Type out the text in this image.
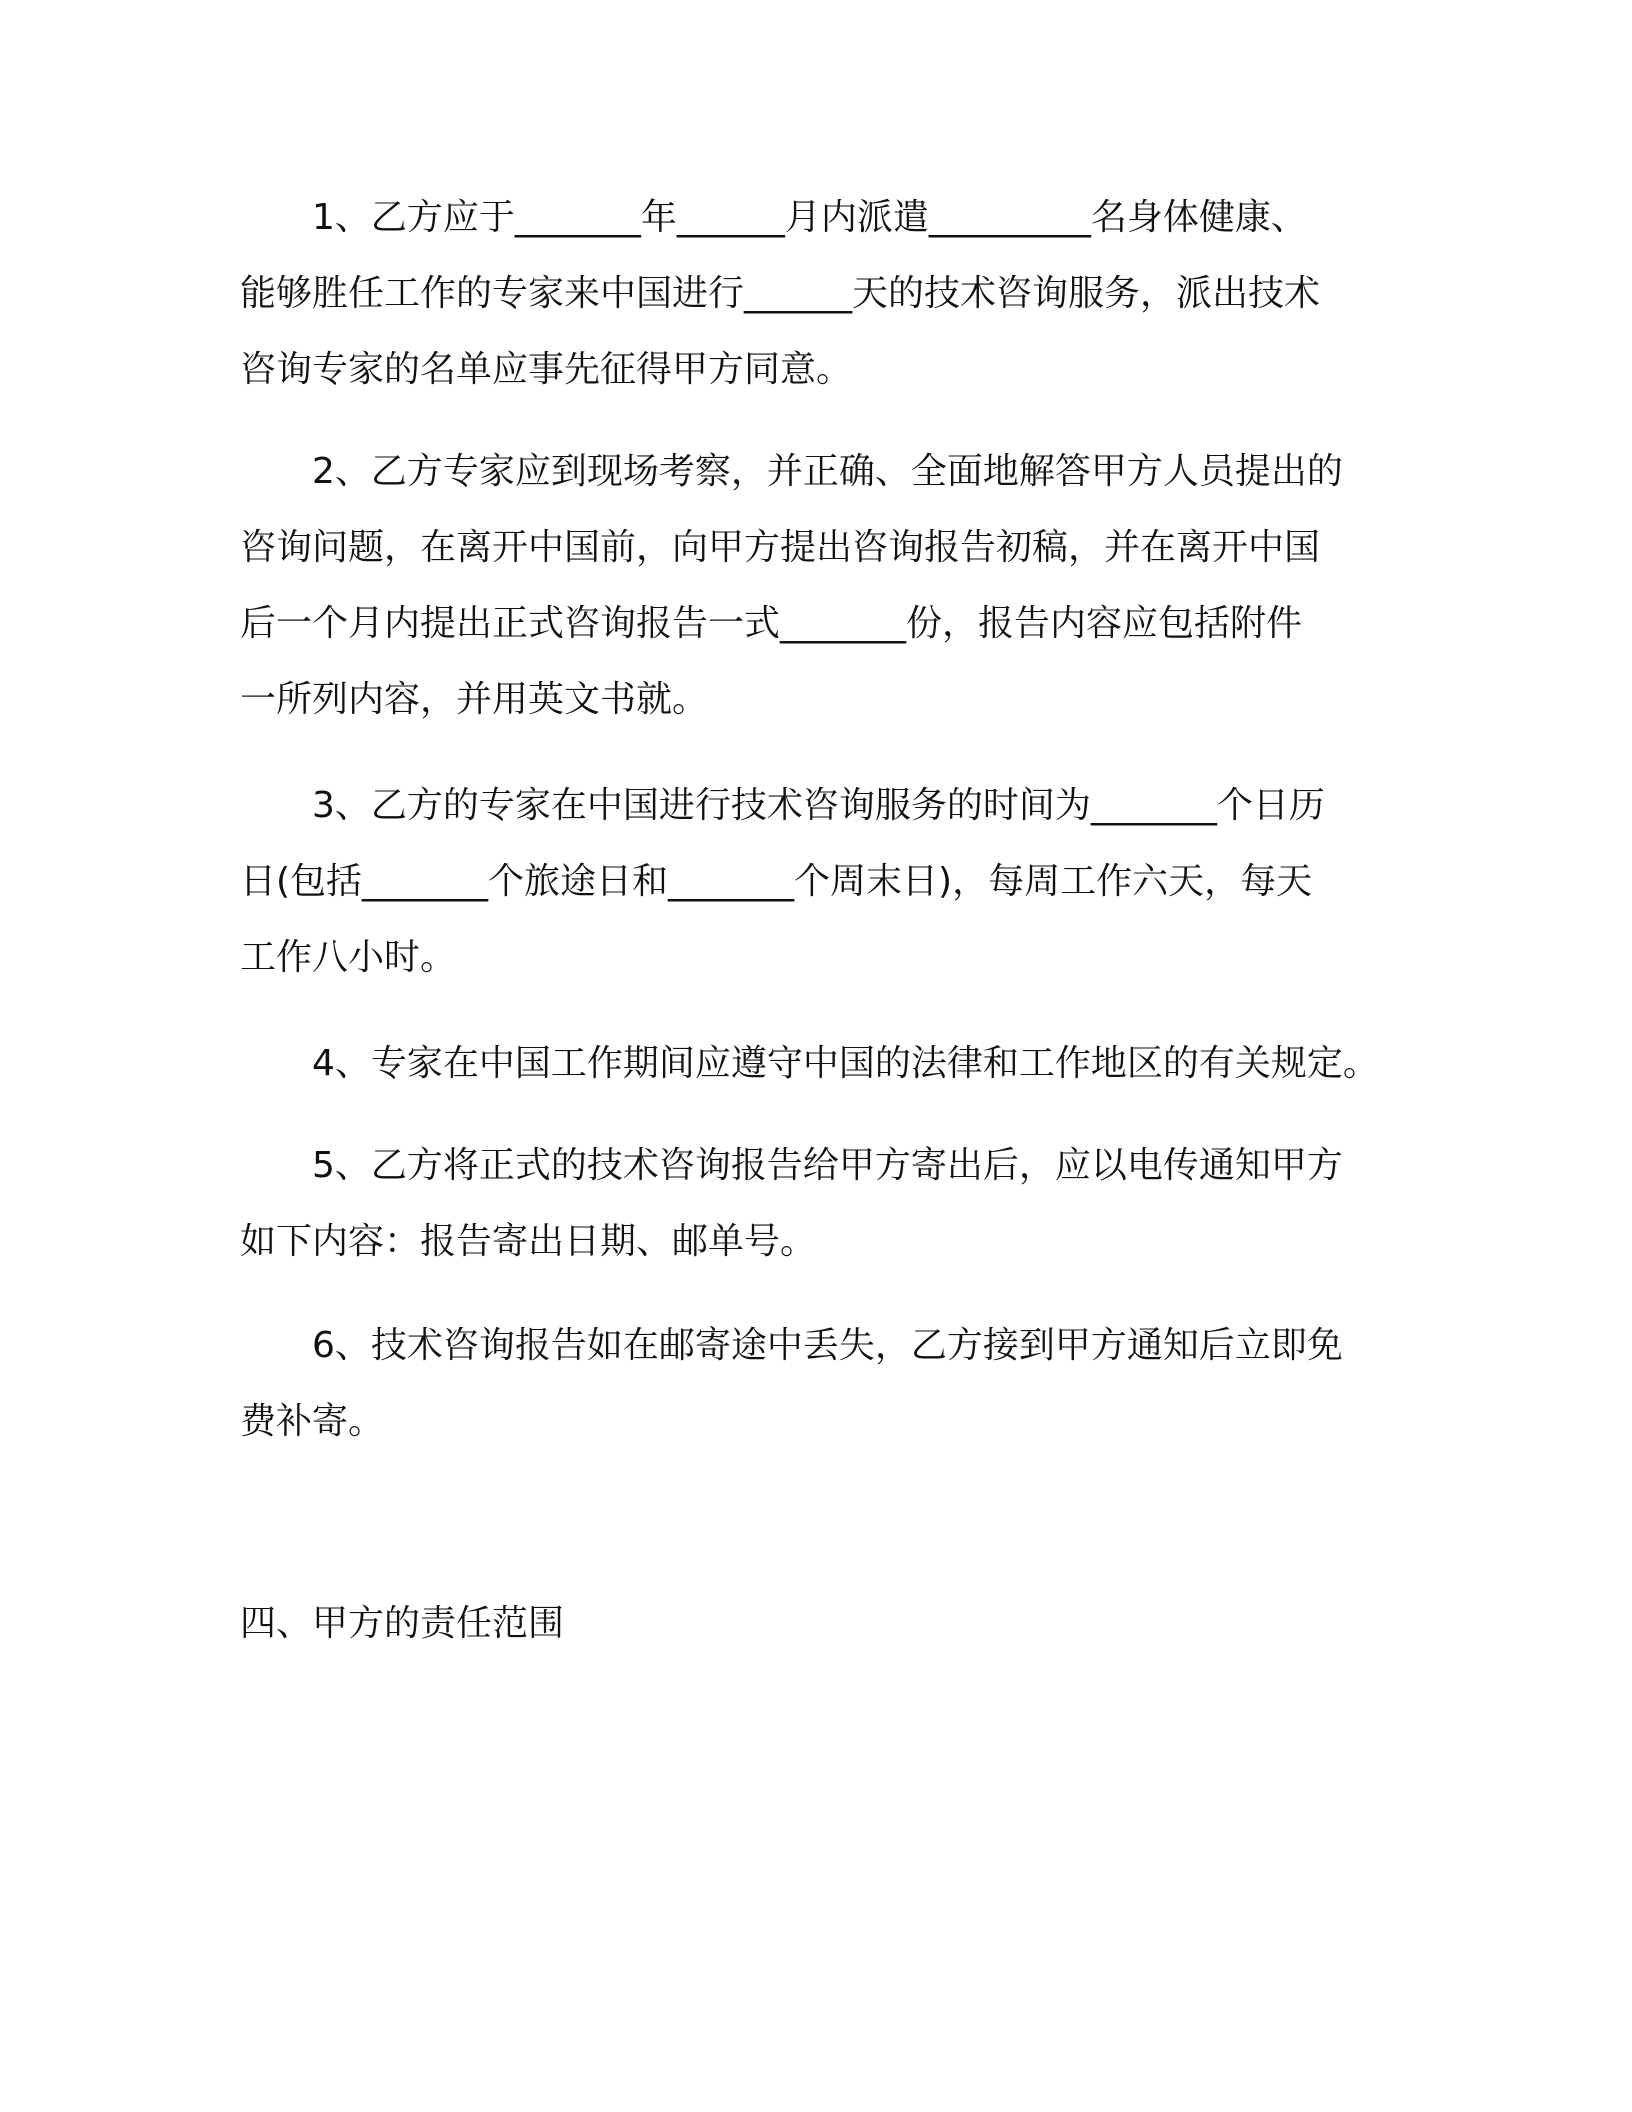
1、乙方应于_______年______月内派遣_________名身体健康、

能够胜任工作的专家来中国进行______天的技术咨询服务，派出技术

咨询专家的名单应事先征得甲方同意。

2、乙方专家应到现场考察，并正确、全面地解答甲方人员提出的

咨询问题，在离开中国前，向甲方提出咨询报告初稿，并在离开中国

后一个月内提出正式咨询报告一式_______份，报告内容应包括附件

一所列内容，并用英文书就。

3、乙方的专家在中国进行技术咨询服务的时间为_______个日历

日(包括_______个旅途日和_______个周末日)，每周工作六天，每天

工作八小时。

4、专家在中国工作期间应遵守中国的法律和工作地区的有关规定。

5、乙方将正式的技术咨询报告给甲方寄出后，应以电传通知甲方

如下内容：报告寄出日期、邮单号。

6、技术咨询报告如在邮寄途中丢失，乙方接到甲方通知后立即免

费补寄。

四、甲方的责任范围
